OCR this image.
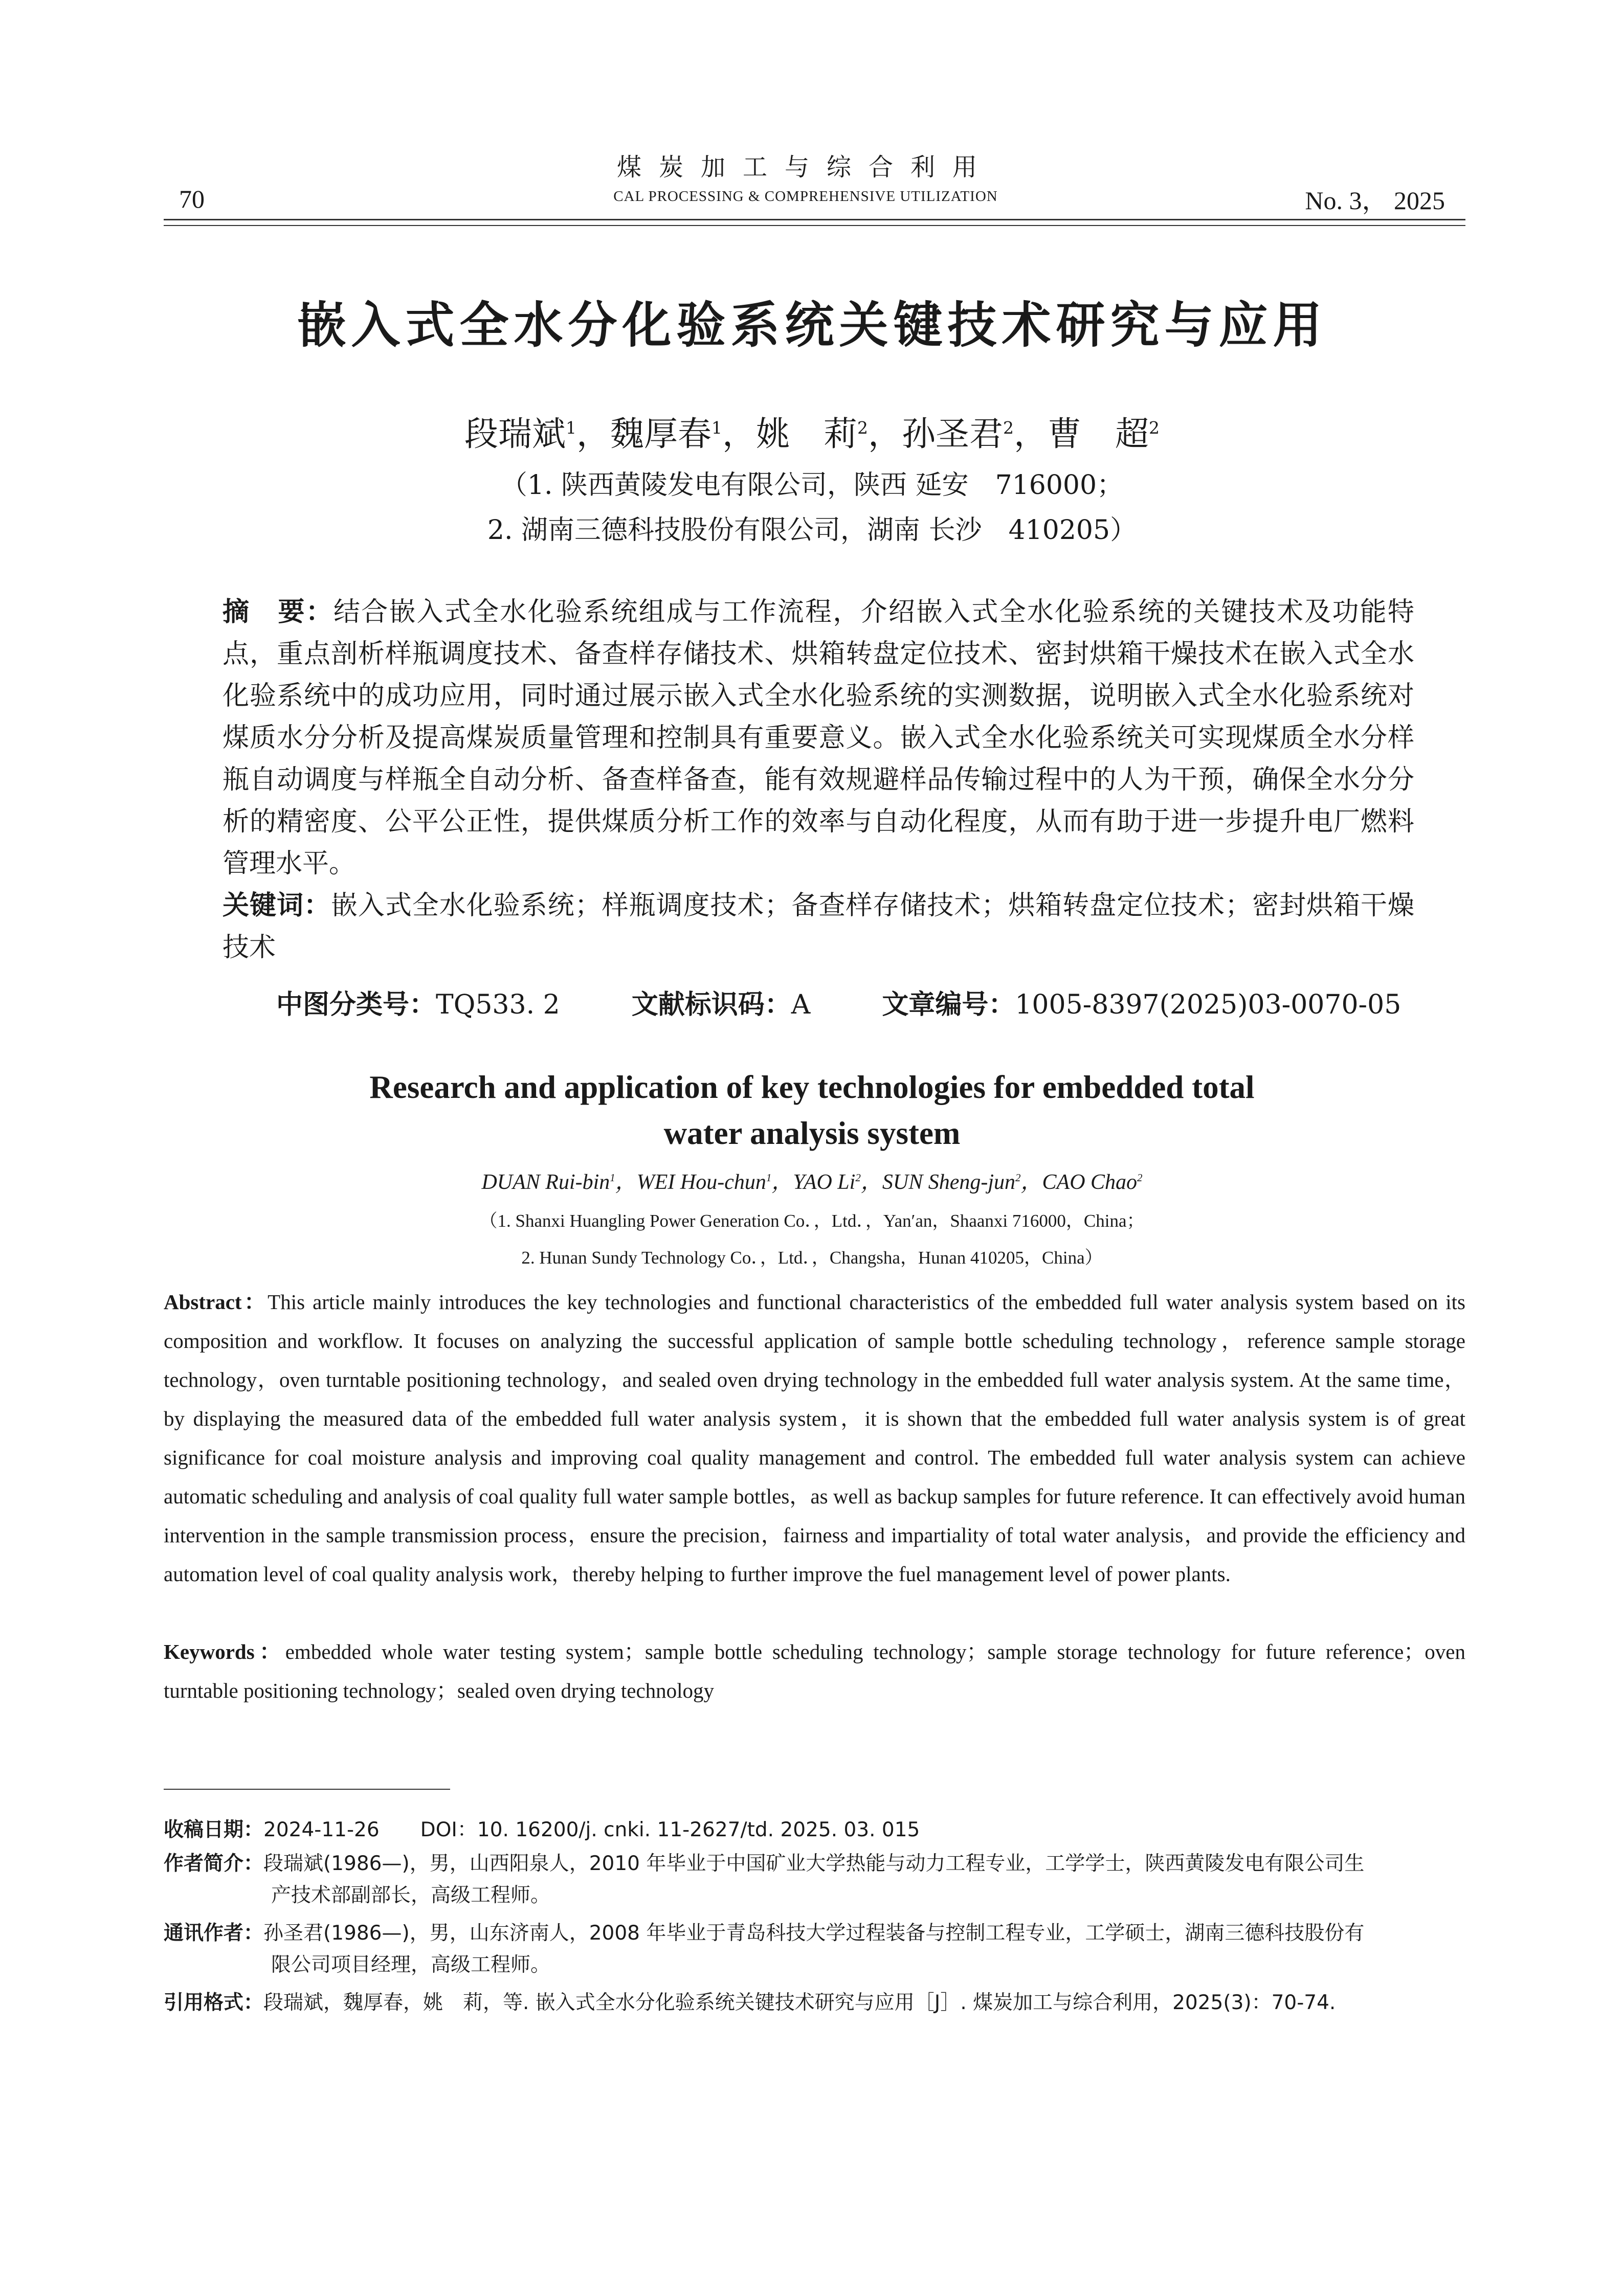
70
煤炭加工与综合利用
CAL PROCESSING & COMPREHENSIVE UTILIZATION	No. 3， 2025
嵌入式全水分化验系统关键技术研究与应用
段瑞斌$^1$，魏厚春$^1$，姚　莉$^2$，孙圣君$^2$，曹　超$^2$
（1. 陕西黄陵发电有限公司，陕西 延安　716000；
2. 湖南三德科技股份有限公司，湖南 长沙　410205）
摘　要：结合嵌入式全水化验系统组成与工作流程，介绍嵌入式全水化验系统的关键技术及功能特点，重点剖析样瓶调度技术、备查样存储技术、烘箱转盘定位技术、密封烘箱干燥技术在嵌入式全水化验系统中的成功应用，同时通过展示嵌入式全水化验系统的实测数据，说明嵌入式全水化验系统对煤质水分分析及提高煤炭质量管理和控制具有重要意义。嵌入式全水化验系统关可实现煤质全水分样瓶自动调度与样瓶全自动分析、备查样备查，能有效规避样品传输过程中的人为干预，确保全水分分析的精密度、公平公正性，提供煤质分析工作的效率与自动化程度，从而有助于进一步提升电厂燃料管理水平。
关键词：嵌入式全水化验系统；样瓶调度技术；备查样存储技术；烘箱转盘定位技术；密封烘箱干燥技术
中图分类号：TQ533. 2	文献标识码：A	文章编号：1005-8397(2025)03-0070-05
Research and application of key technologies for embedded total
water analysis system
DUAN Rui-bin$^1$，WEI Hou-chun$^1$，YAO Li$^2$，SUN Sheng-jun$^2$，CAO Chao$^2$
（1. Shanxi Huangling Power Generation Co．，Ltd．，Yan′an，Shaanxi 716000，China；
2. Hunan Sundy Technology Co．，Ltd．，Changsha，Hunan 410205，China）
Abstract：This article mainly introduces the key technologies and functional characteristics of the embedded full water analysis system based on its composition and workflow. It focuses on analyzing the successful application of sample bottle scheduling technology，reference sample storage technology，oven turntable positioning technology，and sealed oven drying technology in the embedded full water analysis system. At the same time，by displaying the measured data of the embedded full water analysis system，it is shown that the embedded full water analysis system is of great significance for coal moisture analysis and improving coal quality management and control. The embedded full water analysis system can achieve automatic scheduling and analysis of coal quality full water sample bottles，as well as backup samples for future reference. It can effectively avoid human intervention in the sample transmission process，ensure the precision，fairness and impartiality of total water analysis，and provide the efficiency and automation level of coal quality analysis work，thereby helping to further improve the fuel management level of power plants.
Keywords：embedded whole water testing system；sample bottle scheduling technology；sample storage technology for future reference；oven turntable positioning technology；sealed oven drying technology
收稿日期：2024-11-26 DOI：10. 16200/j. cnki. 11-2627/td. 2025. 03. 015
作者简介：段瑞斌(1986—)，男，山西阳泉人，2010 年毕业于中国矿业大学热能与动力工程专业，工学学士，陕西黄陵发电有限公司生
产技术部副部长，高级工程师。
通讯作者：孙圣君(1986—)，男，山东济南人，2008 年毕业于青岛科技大学过程装备与控制工程专业，工学硕士，湖南三德科技股份有
限公司项目经理，高级工程师。
引用格式：段瑞斌，魏厚春，姚　莉，等. 嵌入式全水分化验系统关键技术研究与应用［J］. 煤炭加工与综合利用，2025(3)：70-74.
